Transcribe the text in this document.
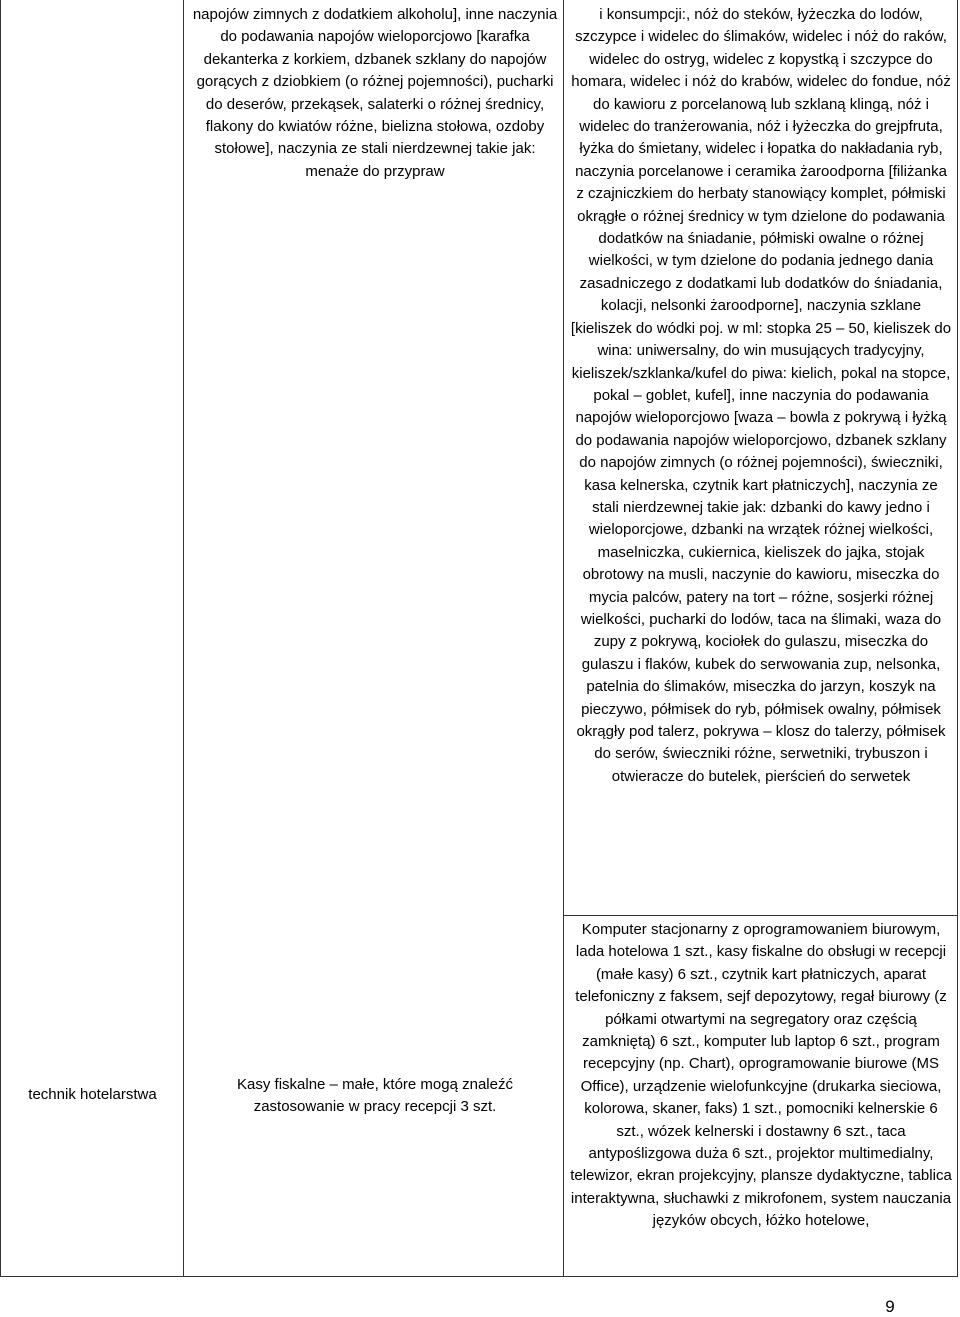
technik hotelarstwa
napojów zimnych z dodatkiem alkoholu], inne naczynia do podawania napojów wieloporcjowo [karafka dekanterka z korkiem, dzbanek szklany do napojów gorących z dziobkiem (o różnej pojemności), pucharki do deserów, przekąsek, salaterki o różnej średnicy, flakony do kwiatów różne, bielizna stołowa, ozdoby stołowe], naczynia ze stali nierdzewnej takie jak: menaże do przypraw
Kasy fiskalne – małe, które mogą znaleźć zastosowanie w pracy recepcji 3 szt.
i konsumpcji:, nóż do steków, łyżeczka do lodów, szczypce i widelec do ślimaków, widelec i nóż do raków, widelec do ostryg, widelec z kopystką i szczypce do homara, widelec i nóż do krabów, widelec do fondue, nóż do kawioru z porcelanową lub szklaną klingą, nóż i widelec do tranżerowania, nóż i łyżeczka do grejpfruta, łyżka do śmietany, widelec i łopatka do nakładania ryb, naczynia porcelanowe i ceramika żaroodporna [filiżanka z czajniczkiem do herbaty stanowiący komplet, półmiski okrągłe o różnej średnicy w tym dzielone do podawania dodatków na śniadanie, półmiski owalne o różnej wielkości, w tym dzielone do podania jednego dania zasadniczego z dodatkami lub dodatków do śniadania, kolacji, nelsonki żaroodporne], naczynia szklane [kieliszek do wódki poj. w ml: stopka 25 – 50, kieliszek do wina: uniwersalny, do win musujących tradycyjny, kieliszek/szklanka/kufel do piwa: kielich, pokal na stopce, pokal – goblet, kufel], inne naczynia do podawania napojów wieloporcjowo [waza – bowla z pokrywą i łyżką do podawania napojów wieloporcjowo, dzbanek szklany do napojów zimnych (o różnej pojemności), świeczniki, kasa kelnerska, czytnik kart płatniczych], naczynia ze stali nierdzewnej takie jak: dzbanki do kawy jedno i wieloporcjowe, dzbanki na wrzątek różnej wielkości, maselniczka, cukiernica, kieliszek do jajka, stojak obrotowy na musli, naczynie do kawioru, miseczka do mycia palców, patery na tort – różne, sosjerki różnej wielkości, pucharki do lodów, taca na ślimaki, waza do zupy z pokrywą, kociołek do gulaszu, miseczka do gulaszu i flaków, kubek do serwowania zup, nelsonka, patelnia do ślimaków, miseczka do jarzyn, koszyk na pieczywo, półmisek do ryb, półmisek owalny, półmisek okrągły pod talerz, pokrywa – klosz do talerzy, półmisek do serów, świeczniki różne, serwetniki, trybuszon i otwieracze do butelek, pierścień do serwetek
Komputer stacjonarny z oprogramowaniem biurowym, lada hotelowa 1 szt., kasy fiskalne do obsługi w recepcji (małe kasy) 6 szt., czytnik kart płatniczych, aparat telefoniczny z faksem, sejf depozytowy, regał biurowy (z półkami otwartymi na segregatory oraz częścią zamkniętą) 6 szt., komputer lub laptop 6 szt., program recepcyjny (np. Chart), oprogramowanie biurowe (MS Office), urządzenie wielofunkcyjne (drukarka sieciowa, kolorowa, skaner, faks) 1 szt., pomocniki kelnerskie 6 szt., wózek kelnerski i dostawny 6 szt., taca antypoślizgowa duża 6 szt., projektor multimedialny, telewizor, ekran projekcyjny, plansze dydaktyczne, tablica interaktywna, słuchawki z mikrofonem, system nauczania języków obcych, łóżko hotelowe,
9
